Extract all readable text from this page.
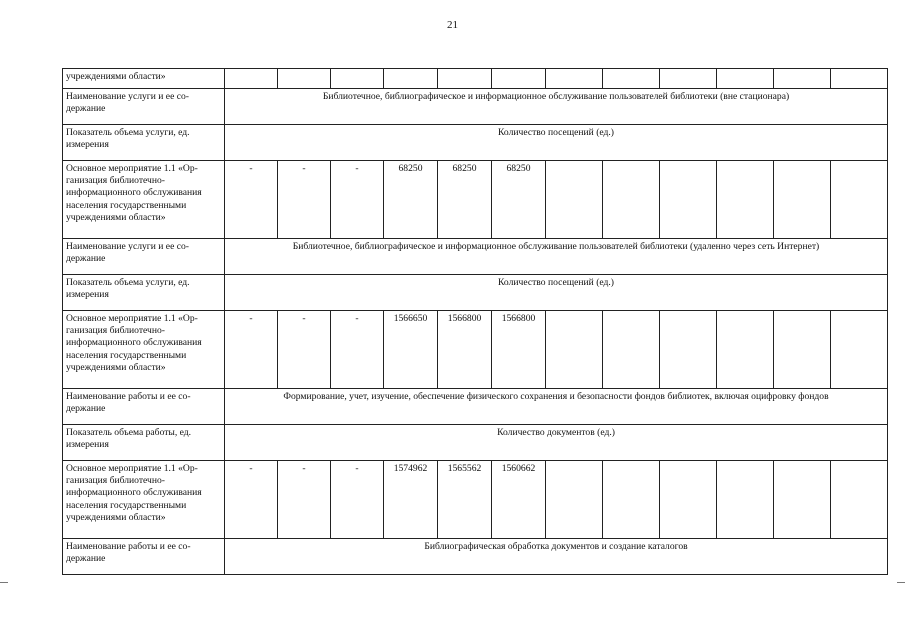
21
учреждениями области»												
Наименование услуги и ее со-держание	Библиотечное, библиографическое и информационное обслуживание пользователей библиотеки (вне стационара)											
Показатель объема услуги, ед. измерения	Количество посещений (ед.)											
Основное мероприятие 1.1 «Ор-ганизация библиотечно-информационного обслуживания населения государственными учреждениями области»	-	-	-	68250	68250	68250						
Наименование услуги и ее со-держание	Библиотечное, библиографическое и информационное обслуживание пользователей библиотеки (удаленно через сеть Интернет)											
Показатель объема услуги, ед. измерения	Количество посещений (ед.)											
Основное мероприятие 1.1 «Ор-ганизация библиотечно-информационного обслуживания населения государственными учреждениями области»	-	-	-	1566650	1566800	1566800						
Наименование работы и ее со-держание	Формирование, учет, изучение, обеспечение физического сохранения и безопасности фондов библиотек, включая оцифровку фондов											
Показатель объема работы, ед. измерения	Количество документов (ед.)											
Основное мероприятие 1.1 «Ор-ганизация библиотечно-информационного обслуживания населения государственными учреждениями области»	-	-	-	1574962	1565562	1560662						
Наименование работы и ее со-держание	Библиографическая обработка документов и создание каталогов											
